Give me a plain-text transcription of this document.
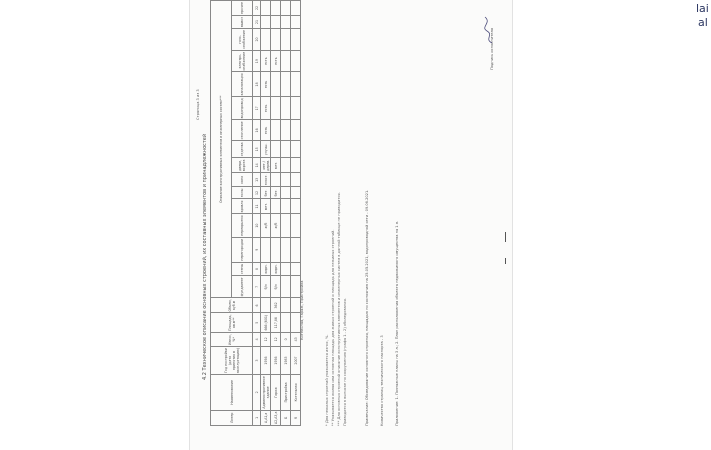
Страница 3 из 3
4.2 Техническое описание основных строений, их составных элементов и принадлежностей
Литер	Наименование	Год постройки (дата принятия в эксплуатацию)	Износ, %*	Площадь, кв.м**	Объем, куб.м	Описание конструктивных элементов и инженерных систем***															
						фундамент	стены	перегородки	перекрытия	кровля	полы	окна	двери, ворота	отделка	отопление	водопровод	канализация	электро-снабжение	газо-снабжение	вывоз	прочее
1	2	3	4	5	6	7	8	9	10	11	12	13	14	15	16	17	18	19	20	21	22
А,А1,а	Административное здание	1956	12	666 (601)		б/л	кирп.		ж/б	мет.	бет.	пласт.	мет./дерев.	улучш.	есть	есть	есть	есть			
А2,А3,а	Гараж	1956	12	117,86	362	б/л	кирп.		ж/б		бет.		мет.					есть			
Б	Пристройка	1983	0																		
б	Котельная	2007	43																		Котельная, Гараж, Пристройка
* Для нежилых строений указывается износ, %. ** Указывается жилая или основная площадь для жилых строений и площадь для нежилых строений. *** Для основных строений описание конструктивных элементов и инженерных систем в данной таблице не приводится. Приводится в выписке по сооружению (графа 1 - 2) обследования.	Примечание: Обследование основного строения, площадью по состоянию на 25.05.2021, водопроводной сети - 09.06.2021.	Количество страниц технического паспорта - 3	Приложение: 1. Поэтажные планы на 3 л.; 2. План расположения объекта недвижимого имущества на 1 л.
Подпись исполнителя
lai
al
